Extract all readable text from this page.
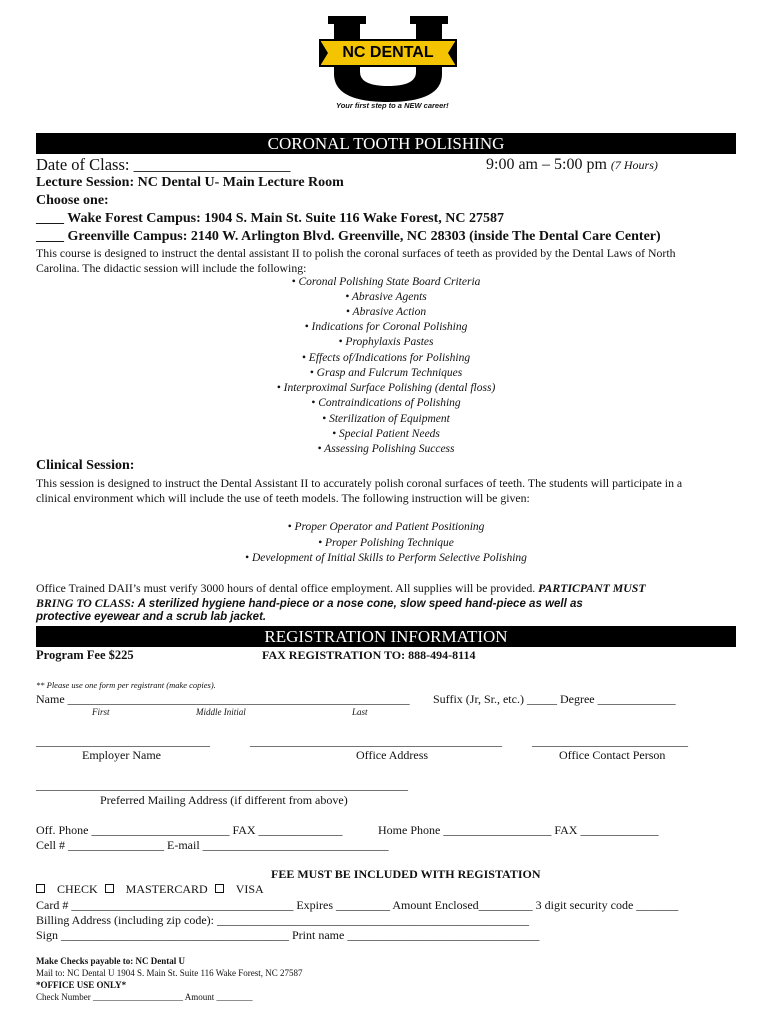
NC DENTAL
Your first step to a NEW career!
CORONAL TOOTH POLISHING
Date of Class: ___________________	9:00 am – 5:00 pm (7 Hours)
Lecture Session: NC Dental U- Main Lecture Room
Choose one:
____ Wake Forest Campus: 1904 S. Main St. Suite 116 Wake Forest, NC 27587
____ Greenville Campus: 2140 W. Arlington Blvd. Greenville, NC 28303 (inside The Dental Care Center)
This course is designed to instruct the dental assistant II to polish the coronal surfaces of teeth as provided by the Dental Laws of North
Carolina. The didactic session will include the following:
• Coronal Polishing State Board Criteria
• Abrasive Agents
• Abrasive Action
• Indications for Coronal Polishing
• Prophylaxis Pastes
• Effects of/Indications for Polishing
• Grasp and Fulcrum Techniques
• Interproximal Surface Polishing (dental floss)
• Contraindications of Polishing
• Sterilization of Equipment
• Special Patient Needs
• Assessing Polishing Success
Clinical Session:
This session is designed to instruct the Dental Assistant II to accurately polish coronal surfaces of teeth. The students will participate in a
clinical environment which will include the use of teeth models. The following instruction will be given:
• Proper Operator and Patient Positioning
• Proper Polishing Technique
• Development of Initial Skills to Perform Selective Polishing
Office Trained DAII’s must verify 3000 hours of dental office employment. All supplies will be provided. PARTICPANT MUST
BRING TO CLASS: A sterilized hygiene hand-piece or a nose cone, slow speed hand-piece as well as
protective eyewear and a scrub lab jacket.
REGISTRATION INFORMATION
Program Fee $225	FAX REGISTRATION TO: 888-494-8114
** Please use one form per registrant (make copies).
Name _________________________________________________________ Suffix (Jr, Sr., etc.) _____ Degree _____________
First	Middle Initial	Last
_____________________________	__________________________________________	__________________________
Employer Name	Office Address	Office Contact Person
______________________________________________________________
Preferred Mailing Address (if different from above)
Off. Phone _______________________ FAX ______________	Home Phone __________________ FAX _____________
Cell # ________________ E-mail _______________________________
FEE MUST BE INCLUDED WITH REGISTATION
CHECK MASTERCARD VISA
Card # _____________________________________ Expires _________ Amount Enclosed_________ 3 digit security code _______
Billing Address (including zip code): ____________________________________________________
Sign ______________________________________ Print name ________________________________
Make Checks payable to: NC Dental U
Mail to: NC Dental U 1904 S. Main St. Suite 116 Wake Forest, NC 27587
*OFFICE USE ONLY*
Check Number ____________________ Amount ________
